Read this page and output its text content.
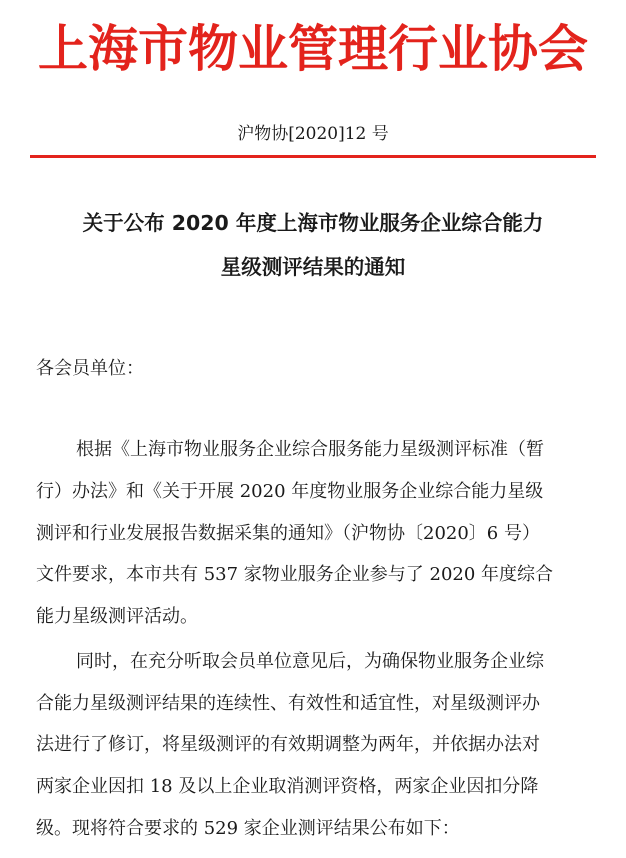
上海市物业管理行业协会
沪物协[2020]12 号
关于公布 2020 年度上海市物业服务企业综合能力
星级测评结果的通知
各会员单位：
根据《上海市物业服务企业综合服务能力星级测评标准（暂
行）办法》和《关于开展 2020 年度物业服务企业综合能力星级
测评和行业发展报告数据采集的通知》（沪物协〔2020〕6 号）
文件要求，本市共有 537 家物业服务企业参与了 2020 年度综合
能力星级测评活动。
同时，在充分听取会员单位意见后，为确保物业服务企业综
合能力星级测评结果的连续性、有效性和适宜性，对星级测评办
法进行了修订，将星级测评的有效期调整为两年，并依据办法对
两家企业因扣 18 及以上企业取消测评资格，两家企业因扣分降
级。现将符合要求的 529 家企业测评结果公布如下：
